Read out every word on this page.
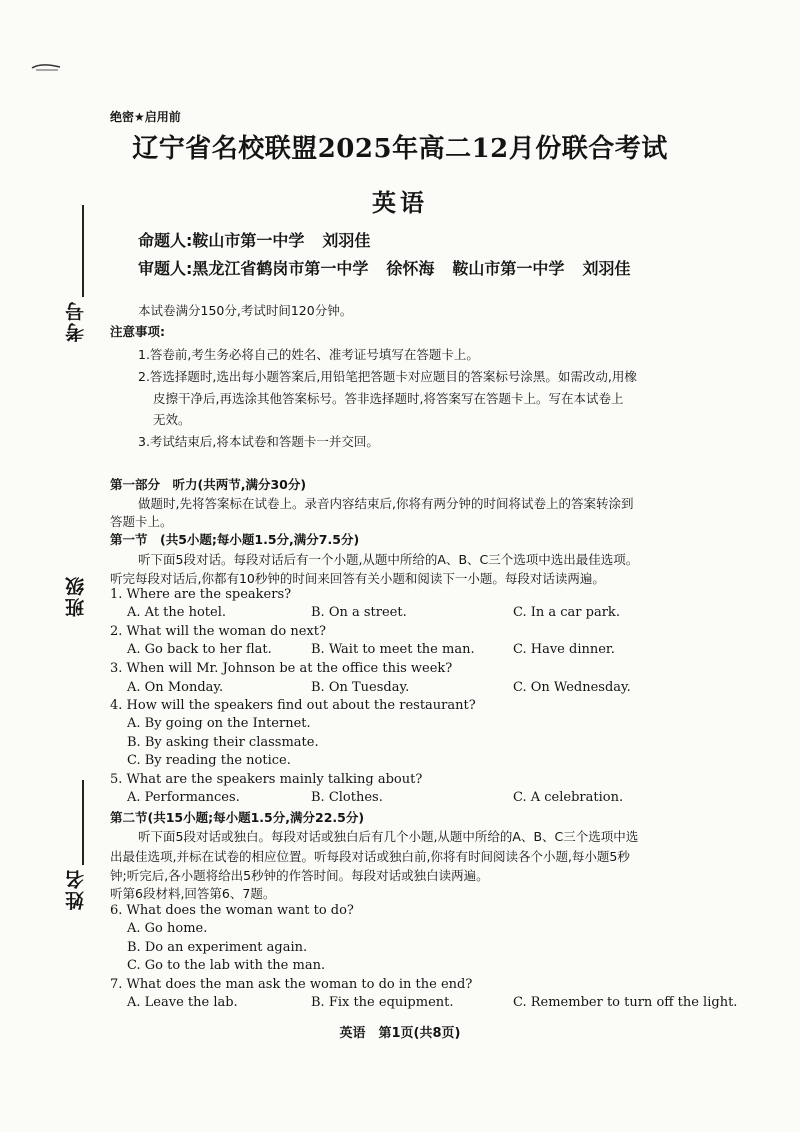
考号
班级
姓名
绝密★启用前
辽宁省名校联盟2025年高二12月份联合考试
英语
命题人:鞍山市第一中学 刘羽佳
审题人:黑龙江省鹤岗市第一中学 徐怀海 鞍山市第一中学 刘羽佳
本试卷满分150分,考试时间120分钟。
注意事项:
1.答卷前,考生务必将自己的姓名、准考证号填写在答题卡上。
2.答选择题时,选出每小题答案后,用铅笔把答题卡对应题目的答案标号涂黑。如需改动,用橡
皮擦干净后,再选涂其他答案标号。答非选择题时,将答案写在答题卡上。写在本试卷上
无效。
3.考试结束后,将本试卷和答题卡一并交回。
第一部分　听力(共两节,满分30分)
做题时,先将答案标在试卷上。录音内容结束后,你将有两分钟的时间将试卷上的答案转涂到
答题卡上。
第一节　(共5小题;每小题1.5分,满分7.5分)
听下面5段对话。每段对话后有一个小题,从题中所给的A、B、C三个选项中选出最佳选项。
听完每段对话后,你都有10秒钟的时间来回答有关小题和阅读下一小题。每段对话读两遍。
1. Where are the speakers?
A. At the hotel.	B. On a street.	C. In a car park.
2. What will the woman do next?
A. Go back to her flat.	B. Wait to meet the man.	C. Have dinner.
3. When will Mr. Johnson be at the office this week?
A. On Monday.	B. On Tuesday.	C. On Wednesday.
4. How will the speakers find out about the restaurant?
A. By going on the Internet.
B. By asking their classmate.
C. By reading the notice.
5. What are the speakers mainly talking about?
A. Performances.	B. Clothes.	C. A celebration.
第二节(共15小题;每小题1.5分,满分22.5分)
听下面5段对话或独白。每段对话或独白后有几个小题,从题中所给的A、B、C三个选项中选
出最佳选项,并标在试卷的相应位置。听每段对话或独白前,你将有时间阅读各个小题,每小题5秒
钟;听完后,各小题将给出5秒钟的作答时间。每段对话或独白读两遍。
听第6段材料,回答第6、7题。
6. What does the woman want to do?
A. Go home.
B. Do an experiment again.
C. Go to the lab with the man.
7. What does the man ask the woman to do in the end?
A. Leave the lab.	B. Fix the equipment.	C. Remember to turn off the light.
英语　第1页(共8页)
